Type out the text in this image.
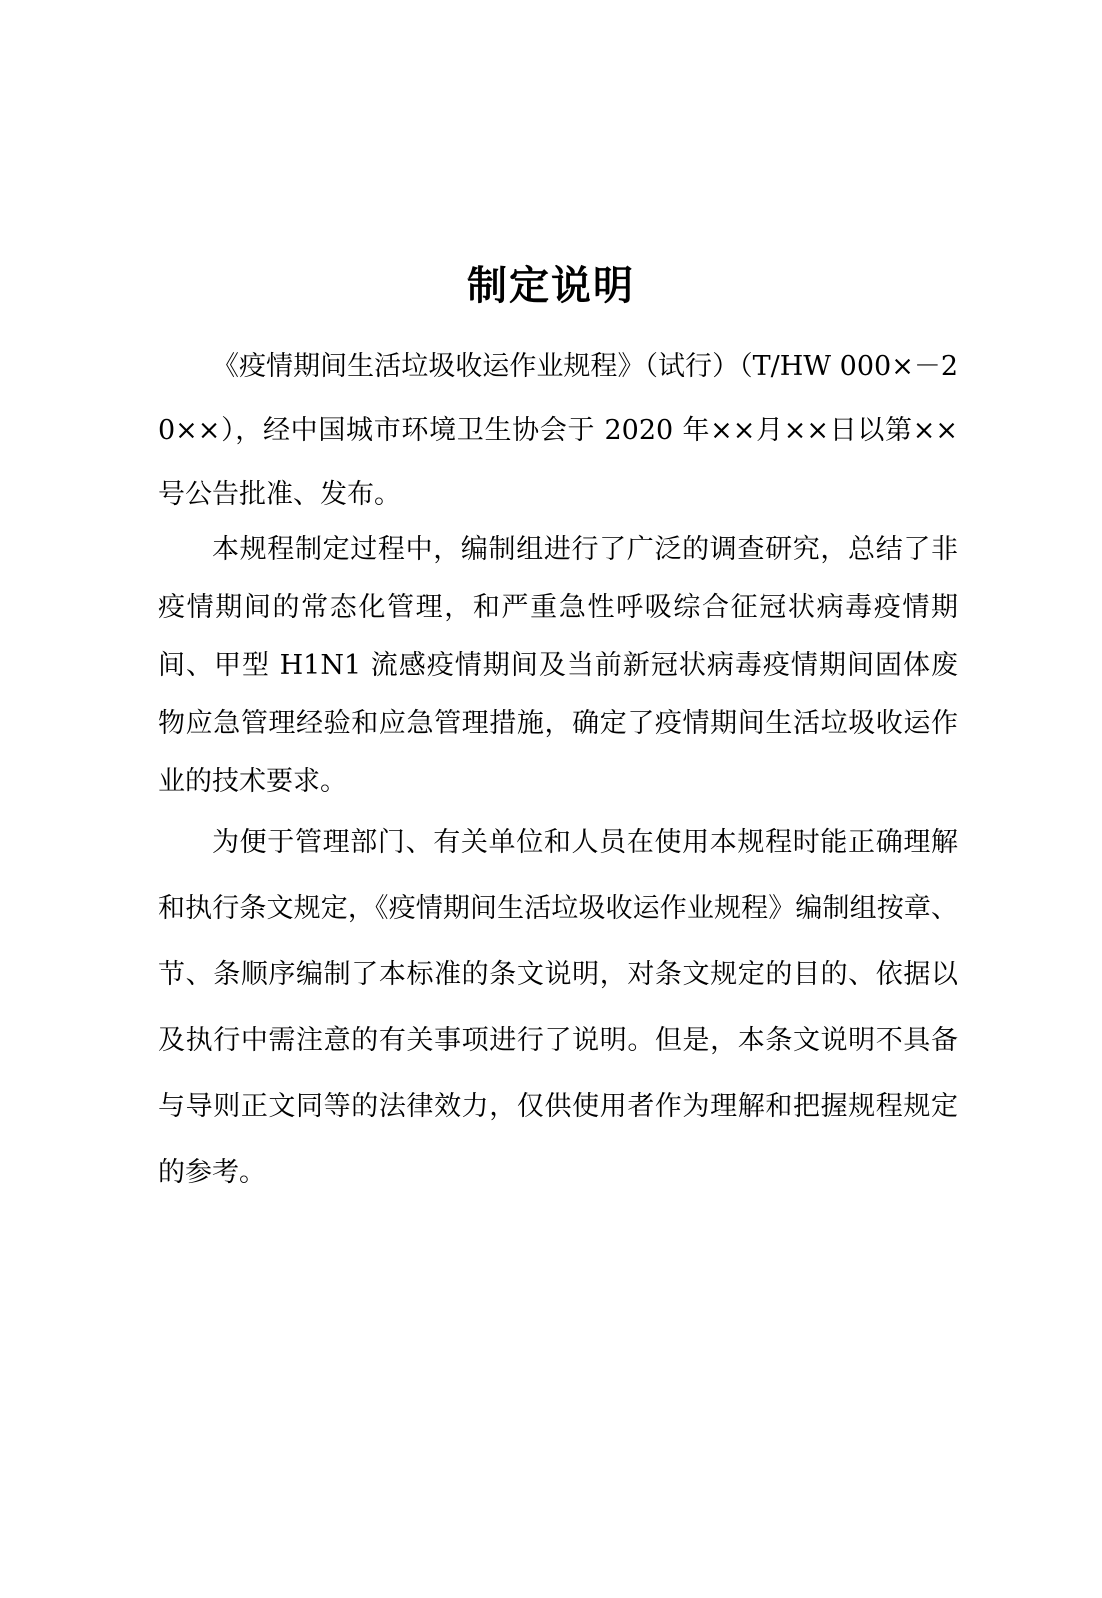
制定说明

《疫情期间生活垃圾收运作业规程》（试行）（T/HW 000×－20××），经中国城市环境卫生协会于 2020 年××月××日以第××号公告批准、发布。

本规程制定过程中，编制组进行了广泛的调查研究，总结了非疫情期间的常态化管理，和严重急性呼吸综合征冠状病毒疫情期间、甲型 H1N1 流感疫情期间及当前新冠状病毒疫情期间固体废物应急管理经验和应急管理措施，确定了疫情期间生活垃圾收运作业的技术要求。

为便于管理部门、有关单位和人员在使用本规程时能正确理解和执行条文规定，《疫情期间生活垃圾收运作业规程》编制组按章、节、条顺序编制了本标准的条文说明，对条文规定的目的、依据以及执行中需注意的有关事项进行了说明。但是，本条文说明不具备与导则正文同等的法律效力，仅供使用者作为理解和把握规程规定的参考。
